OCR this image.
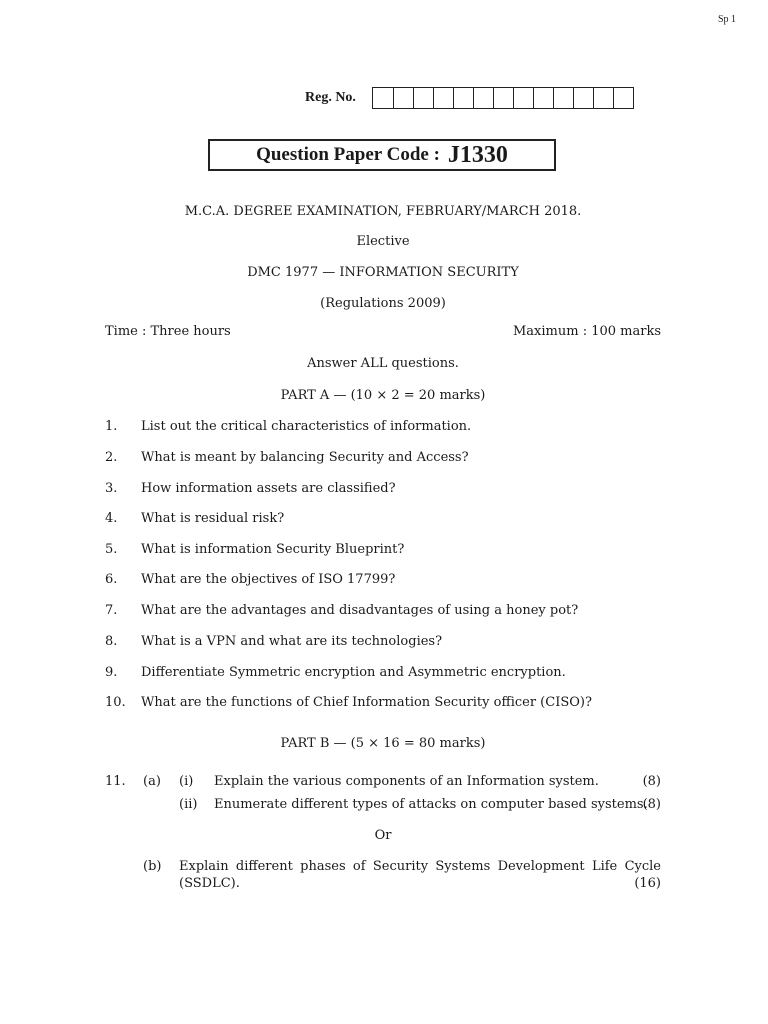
Sp 1
Reg. No.
Question Paper Code : J1330
M.C.A. DEGREE EXAMINATION, FEBRUARY/MARCH 2018.
Elective
DMC 1977 — INFORMATION SECURITY
(Regulations 2009)
Time : Three hours	Maximum : 100 marks
Answer ALL questions.
PART A — (10 × 2 = 20 marks)
1. List out the critical characteristics of information.
2. What is meant by balancing Security and Access?
3. How information assets are classified?
4. What is residual risk?
5. What is information Security Blueprint?
6. What are the objectives of ISO 17799?
7. What are the advantages and disadvantages of using a honey pot?
8. What is a VPN and what are its technologies?
9. Differentiate Symmetric encryption and Asymmetric encryption.
10. What are the functions of Chief Information Security officer (CISO)?
PART B — (5 × 16 = 80 marks)
11. (a) (i) Explain the various components of an Information system.	(8)
(ii) Enumerate different types of attacks on computer based systems.
(8)
Or
(b) Explain different phases of Security Systems Development Life Cycle
(SSDLC).	(16)
